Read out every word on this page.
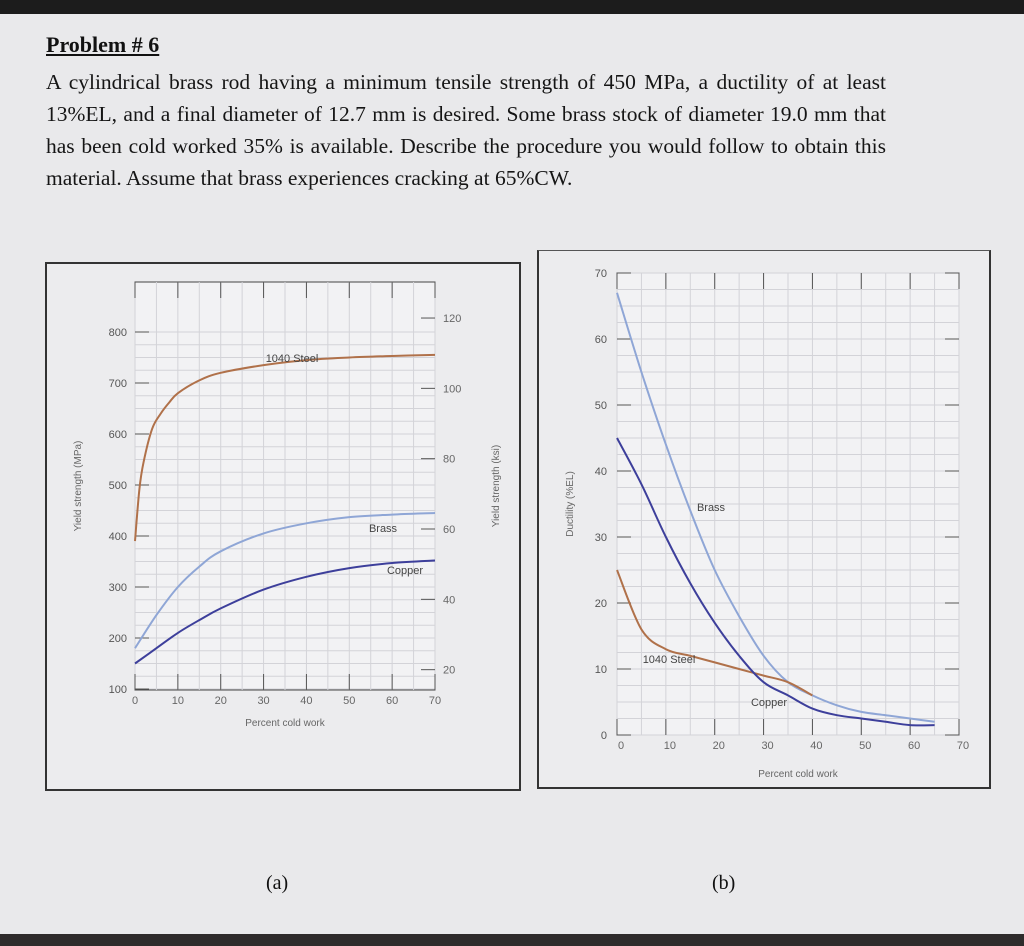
Problem # 6
A cylindrical brass rod having a minimum tensile strength of 450 MPa, a ductility of at least 13%EL, and a final diameter of 12.7 mm is desired. Some brass stock of diameter 19.0 mm that has been cold worked 35% is available. Describe the procedure you would follow to obtain this material. Assume that brass experiences cracking at 65%CW.
0	10	20	30	40	50	60	70
100
200
300
400
500
600
700
800
20
40
60
80
100
120
Percent cold work
Yield strength (MPa)	Yield strength (ksi)
1040 Steel
Brass
Copper
0	10	20	30	40	50	60	70
0
10
20
30
40
50
60
70
Percent cold work
Ductility (%EL)	Brass
1040 Steel
Copper
(a)	(b)
